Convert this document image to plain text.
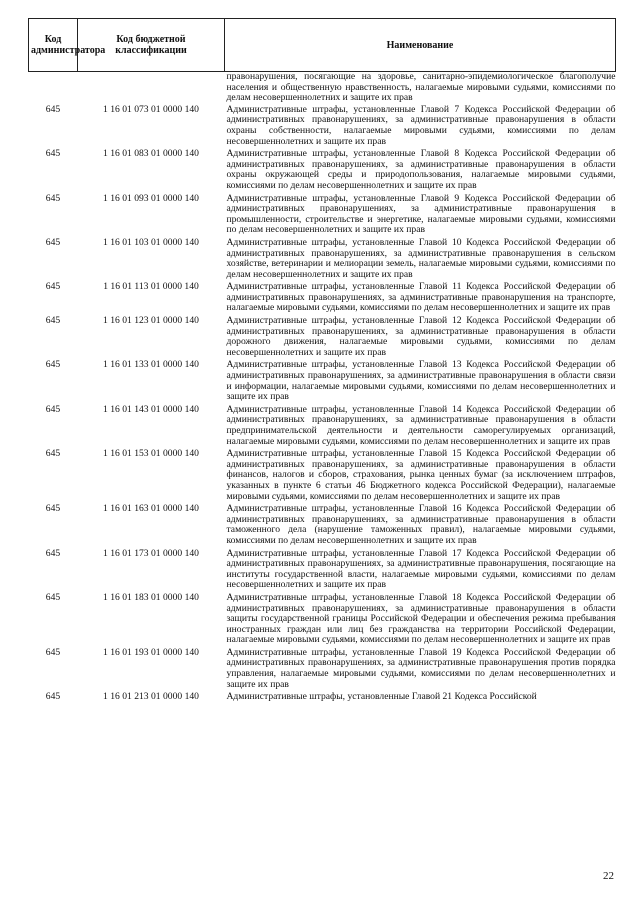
Код администратора	Код бюджетной классификации	Наименование
		правонарушения, посягающие на здоровье, санитарно-эпидемиологическое благополучие населения и общественную нравственность, налагаемые мировыми судьями, комиссиями по делам несовершеннолетних и защите их прав
645	1 16 01 073 01 0000 140	Административные штрафы, установленные Главой 7 Кодекса Российской Федерации об административных правонарушениях, за административные правонарушения в области охраны собственности, налагаемые мировыми судьями, комиссиями по делам несовершеннолетних и защите их прав
645	1 16 01 083 01 0000 140	Административные штрафы, установленные Главой 8 Кодекса Российской Федерации об административных правонарушениях, за административные правонарушения в области охраны окружающей среды и природопользования, налагаемые мировыми судьями, комиссиями по делам несовершеннолетних и защите их прав
645	1 16 01 093 01 0000 140	Административные штрафы, установленные Главой 9 Кодекса Российской Федерации об административных правонарушениях, за административные правонарушения в промышленности, строительстве и энергетике, налагаемые мировыми судьями, комиссиями по делам несовершеннолетних и защите их прав
645	1 16 01 103 01 0000 140	Административные штрафы, установленные Главой 10 Кодекса Российской Федерации об административных правонарушениях, за административные правонарушения в сельском хозяйстве, ветеринарии и мелиорации земель, налагаемые мировыми судьями, комиссиями по делам несовершеннолетних и защите их прав
645	1 16 01 113 01 0000 140	Административные штрафы, установленные Главой 11 Кодекса Российской Федерации об административных правонарушениях, за административные правонарушения на транспорте, налагаемые мировыми судьями, комиссиями по делам несовершеннолетних и защите их прав
645	1 16 01 123 01 0000 140	Административные штрафы, установленные Главой 12 Кодекса Российской Федерации об административных правонарушениях, за административные правонарушения в области дорожного движения, налагаемые мировыми судьями, комиссиями по делам несовершеннолетних и защите их прав
645	1 16 01 133 01 0000 140	Административные штрафы, установленные Главой 13 Кодекса Российской Федерации об административных правонарушениях, за административные правонарушения в области связи и информации, налагаемые мировыми судьями, комиссиями по делам несовершеннолетних и защите их прав
645	1 16 01 143 01 0000 140	Административные штрафы, установленные Главой 14 Кодекса Российской Федерации об административных правонарушениях, за административные правонарушения в области предпринимательской деятельности и деятельности саморегулируемых организаций, налагаемые мировыми судьями, комиссиями по делам несовершеннолетних и защите их прав
645	1 16 01 153 01 0000 140	Административные штрафы, установленные Главой 15 Кодекса Российской Федерации об административных правонарушениях, за административные правонарушения в области финансов, налогов и сборов, страхования, рынка ценных бумаг (за исключением штрафов, указанных в пункте 6 статьи 46 Бюджетного кодекса Российской Федерации), налагаемые мировыми судьями, комиссиями по делам несовершеннолетних и защите их прав
645	1 16 01 163 01 0000 140	Административные штрафы, установленные Главой 16 Кодекса Российской Федерации об административных правонарушениях, за административные правонарушения в области таможенного дела (нарушение таможенных правил), налагаемые мировыми судьями, комиссиями по делам несовершеннолетних и защите их прав
645	1 16 01 173 01 0000 140	Административные штрафы, установленные Главой 17 Кодекса Российской Федерации об административных правонарушениях, за административные правонарушения, посягающие на институты государственной власти, налагаемые мировыми судьями, комиссиями по делам несовершеннолетних и защите их прав
645	1 16 01 183 01 0000 140	Административные штрафы, установленные Главой 18 Кодекса Российской Федерации об административных правонарушениях, за административные правонарушения в области защиты государственной границы Российской Федерации и обеспечения режима пребывания иностранных граждан или лиц без гражданства на территории Российской Федерации, налагаемые мировыми судьями, комиссиями по делам несовершеннолетних и защите их прав
645	1 16 01 193 01 0000 140	Административные штрафы, установленные Главой 19 Кодекса Российской Федерации об административных правонарушениях, за административные правонарушения против порядка управления, налагаемые мировыми судьями, комиссиями по делам несовершеннолетних и защите их прав
645	1 16 01 213 01 0000 140	Административные штрафы, установленные Главой 21 Кодекса Российской
22
